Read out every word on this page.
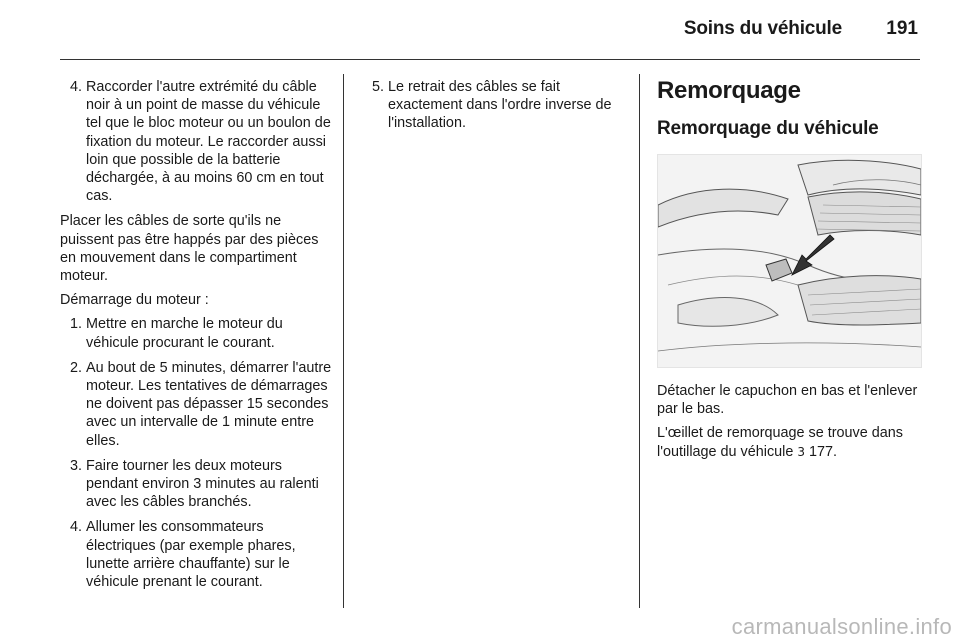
Soins du véhicule 191
4. Raccorder l'autre extrémité du câble noir à un point de masse du véhicule tel que le bloc moteur ou un boulon de fixation du moteur. Le raccorder aussi loin que possible de la batterie déchargée, à au moins 60 cm en tout cas.

Placer les câbles de sorte qu'ils ne puissent pas être happés par des pièces en mouvement dans le compartiment moteur.

Démarrage du moteur :

1. Mettre en marche le moteur du véhicule procurant le courant.
2. Au bout de 5 minutes, démarrer l'autre moteur. Les tentatives de démarrages ne doivent pas dépasser 15 secondes avec un intervalle de 1 minute entre elles.
3. Faire tourner les deux moteurs pendant environ 3 minutes au ralenti avec les câbles branchés.
4. Allumer les consommateurs électriques (par exemple phares, lunette arrière chauffante) sur le véhicule prenant le courant.
5. Le retrait des câbles se fait exactement dans l'ordre inverse de l'installation.
Remorquage
Remorquage du véhicule

Détacher le capuchon en bas et l'enlever par le bas.

L'œillet de remorquage se trouve dans l'outillage du véhicule 3 177.

carmanualsonline.info
